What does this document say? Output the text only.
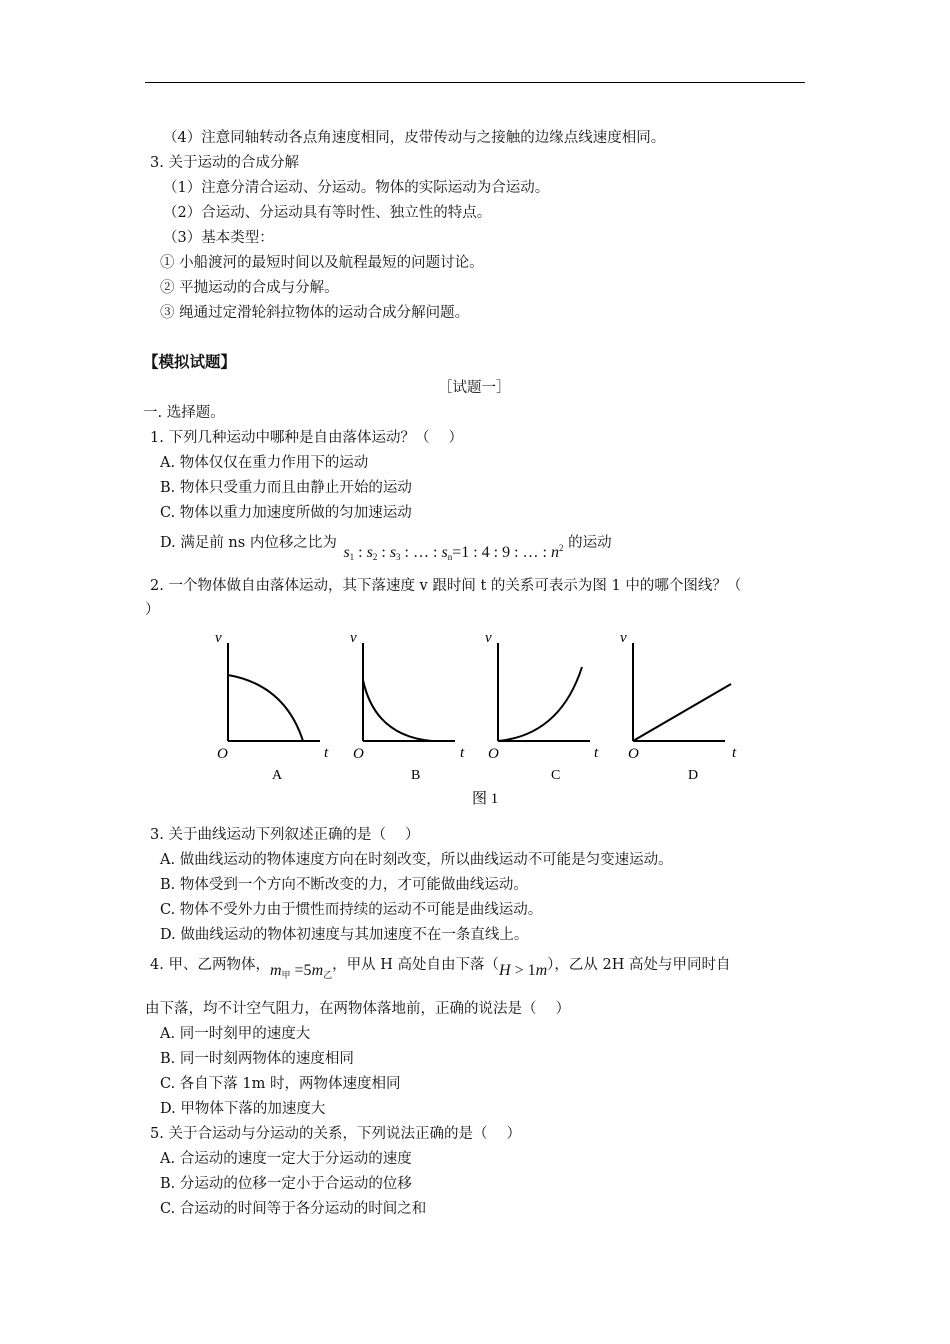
（4）注意同轴转动各点角速度相同，皮带传动与之接触的边缘点线速度相同。
3. 关于运动的合成分解
（1）注意分清合运动、分运动。物体的实际运动为合运动。
（2）合运动、分运动具有等时性、独立性的特点。
（3）基本类型：
① 小船渡河的最短时间以及航程最短的问题讨论。
② 平抛运动的合成与分解。
③ 绳通过定滑轮斜拉物体的运动合成分解问题。
【模拟试题】
［试题一］
一. 选择题。
1. 下列几种运动中哪种是自由落体运动？（　 ）
A. 物体仅仅在重力作用下的运动
B. 物体只受重力而且由静止开始的运动
C. 物体以重力加速度所做的匀加速运动
D. 满足前 ns 内位移之比为 $s_1$ : $s_2$ : $s_3$ : … : $s_n=1$ : 4 : 9 : … : $n^2$ 的运动
2. 一个物体做自由落体运动，其下落速度 v 跟时间 t 的关系可表示为图 1 中的哪个图线？（
）
v
t
O
v
t
O
v
t
O
v
t
O
A	B	C	D
图 1
3. 关于曲线运动下列叙述正确的是（　 ）
A. 做曲线运动的物体速度方向在时刻改变，所以曲线运动不可能是匀变速运动。
B. 物体受到一个方向不断改变的力，才可能做曲线运动。
C. 物体不受外力由于惯性而持续的运动不可能是曲线运动。
D. 做曲线运动的物体初速度与其加速度不在一条直线上。
4. 甲、乙两物体，$m_甲 =5m_乙$，甲从 H 高处自由下落（H > 1m），乙从 2H 高处与甲同时自
由下落，均不计空气阻力，在两物体落地前，正确的说法是（　 ）
A. 同一时刻甲的速度大
B. 同一时刻两物体的速度相同
C. 各自下落 1m 时，两物体速度相同
D. 甲物体下落的加速度大
5. 关于合运动与分运动的关系，下列说法正确的是（　 ）
A. 合运动的速度一定大于分运动的速度
B. 分运动的位移一定小于合运动的位移
C. 合运动的时间等于各分运动的时间之和
